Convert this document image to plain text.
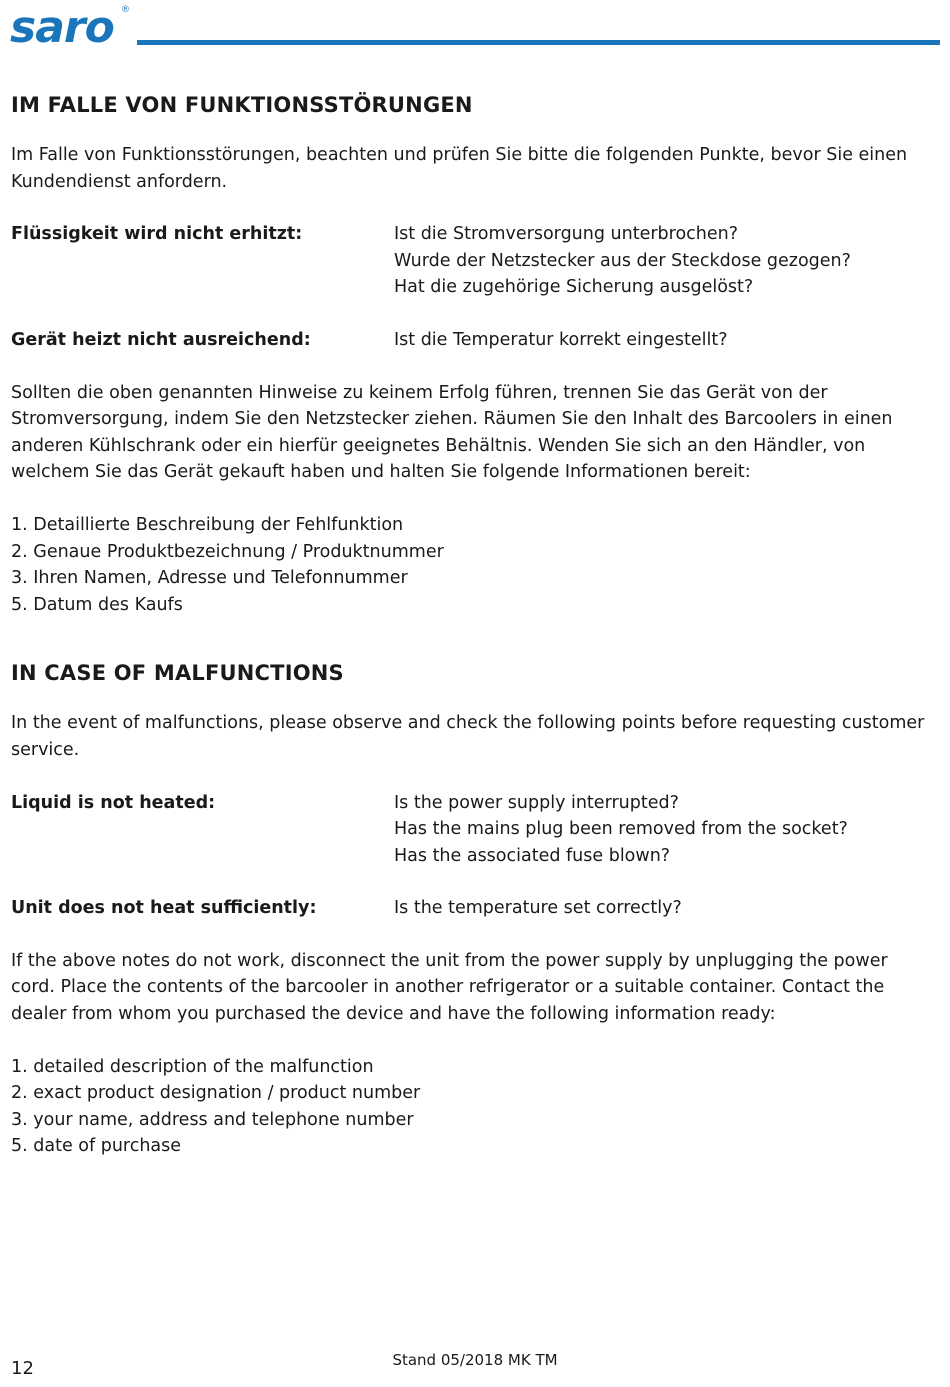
saro ®
IM FALLE VON FUNKTIONSSTÖRUNGEN

Im Falle von Funktionsstörungen, beachten und prüfen Sie bitte die folgenden Punkte, bevor Sie einen Kundendienst anfordern.

Flüssigkeit wird nicht erhitzt:	Ist die Stromversorgung unterbrochen?
Wurde der Netzstecker aus der Steckdose gezogen?
Hat die zugehörige Sicherung ausgelöst?
Gerät heizt nicht ausreichend:	Ist die Temperatur korrekt eingestellt?

Sollten die oben genannten Hinweise zu keinem Erfolg führen, trennen Sie das Gerät von der Stromversorgung, indem Sie den Netzstecker ziehen. Räumen Sie den Inhalt des Barcoolers in einen anderen Kühlschrank oder ein hierfür geeignetes Behältnis. Wenden Sie sich an den Händler, von welchem Sie das Gerät gekauft haben und halten Sie folgende Informationen bereit:

1. Detaillierte Beschreibung der Fehlfunktion
2. Genaue Produktbezeichnung / Produktnummer
3. Ihren Namen, Adresse und Telefonnummer
5. Datum des Kaufs
IN CASE OF MALFUNCTIONS

In the event of malfunctions, please observe and check the following points before requesting customer service.

Liquid is not heated:	Is the power supply interrupted?
Has the mains plug been removed from the socket?
Has the associated fuse blown?
Unit does not heat sufficiently:	Is the temperature set correctly?

If the above notes do not work, disconnect the unit from the power supply by unplugging the power cord. Place the contents of the barcooler in another refrigerator or a suitable container. Contact the dealer from whom you purchased the device and have the following information ready:

1. detailed description of the malfunction
2. exact product designation / product number
3. your name, address and telephone number
5. date of purchase
Stand 05/2018 MK TM
12
